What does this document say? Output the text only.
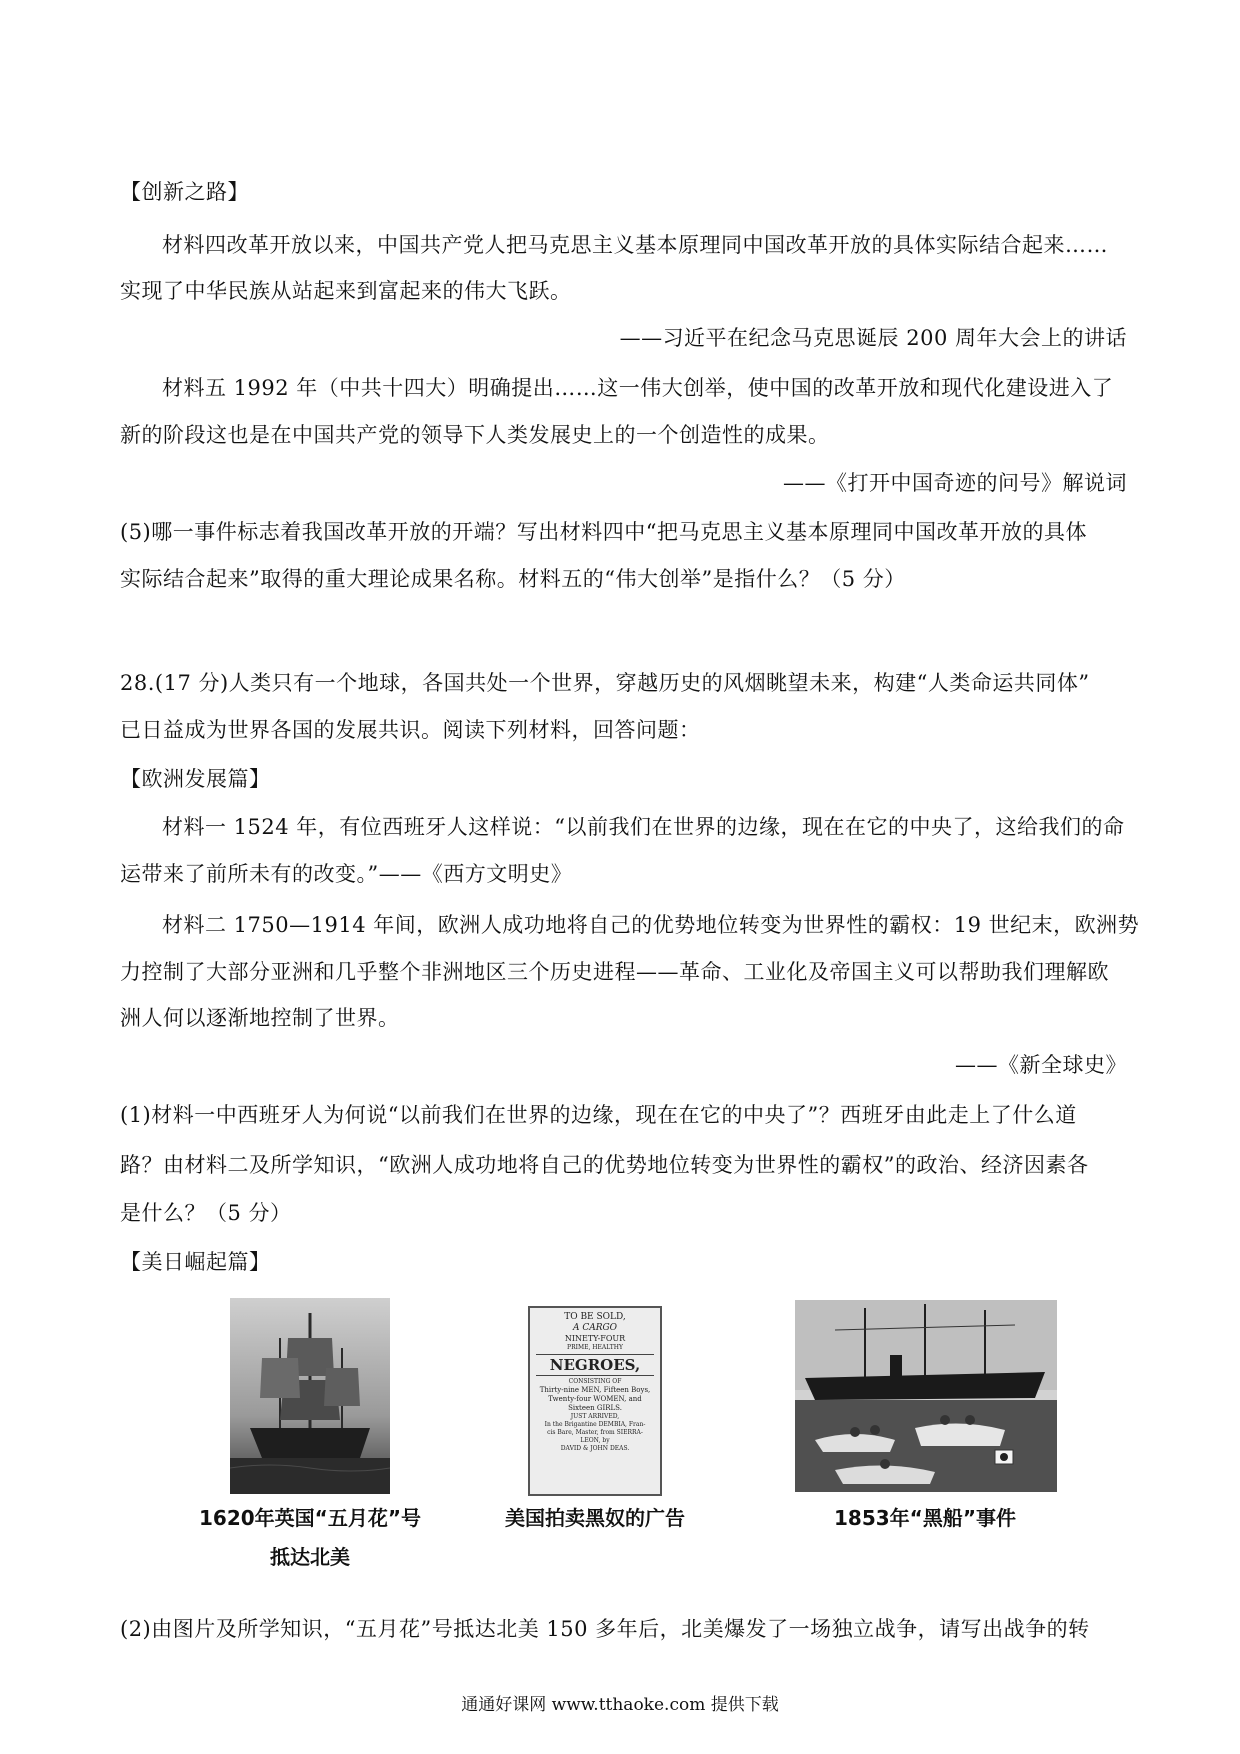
【创新之路】
材料四改革开放以来，中国共产党人把马克思主义基本原理同中国改革开放的具体实际结合起来……
实现了中华民族从站起来到富起来的伟大飞跃。
——习近平在纪念马克思诞辰 200 周年大会上的讲话
材料五 1992 年（中共十四大）明确提出……这一伟大创举，使中国的改革开放和现代化建设进入了
新的阶段这也是在中国共产党的领导下人类发展史上的一个创造性的成果。
——《打开中国奇迹的问号》解说词
(5)哪一事件标志着我国改革开放的开端？写出材料四中“把马克思主义基本原理同中国改革开放的具体
实际结合起来”取得的重大理论成果名称。材料五的“伟大创举”是指什么？（5 分）
28.(17 分)人类只有一个地球，各国共处一个世界，穿越历史的风烟眺望未来，构建“人类命运共同体”
已日益成为世界各国的发展共识。阅读下列材料，回答问题：
【欧洲发展篇】
材料一 1524 年，有位西班牙人这样说：“以前我们在世界的边缘，现在在它的中央了，这给我们的命
运带来了前所未有的改变。”——《西方文明史》
材料二 1750—1914 年间，欧洲人成功地将自己的优势地位转变为世界性的霸权：19 世纪末，欧洲势
力控制了大部分亚洲和几乎整个非洲地区三个历史进程——革命、工业化及帝国主义可以帮助我们理解欧
洲人何以逐渐地控制了世界。
——《新全球史》
(1)材料一中西班牙人为何说“以前我们在世界的边缘，现在在它的中央了”？西班牙由此走上了什么道
路？由材料二及所学知识，“欧洲人成功地将自己的优势地位转变为世界性的霸权”的政治、经济因素各
是什么？（5 分）
【美日崛起篇】
1620年英国“五月花”号
抵达北美
TO BE SOLD,
A CARGO
NINETY-FOUR
PRIME, HEALTHY
NEGROES,
CONSISTING OF
Thirty-nine MEN, Fifteen Boys,
Twenty-four WOMEN, and
Sixteen GIRLS.
JUST ARRIVED,
In the Brigantine DEMBIA, Fran-
cis Bare, Master, from SIERRA-
LEON, by
DAVID & JOHN DEAS.
美国拍卖黑奴的广告	1853年“黑船”事件
(2)由图片及所学知识，“五月花”号抵达北美 150 多年后，北美爆发了一场独立战争，请写出战争的转
通通好课网 www.tthaoke.com 提供下载
